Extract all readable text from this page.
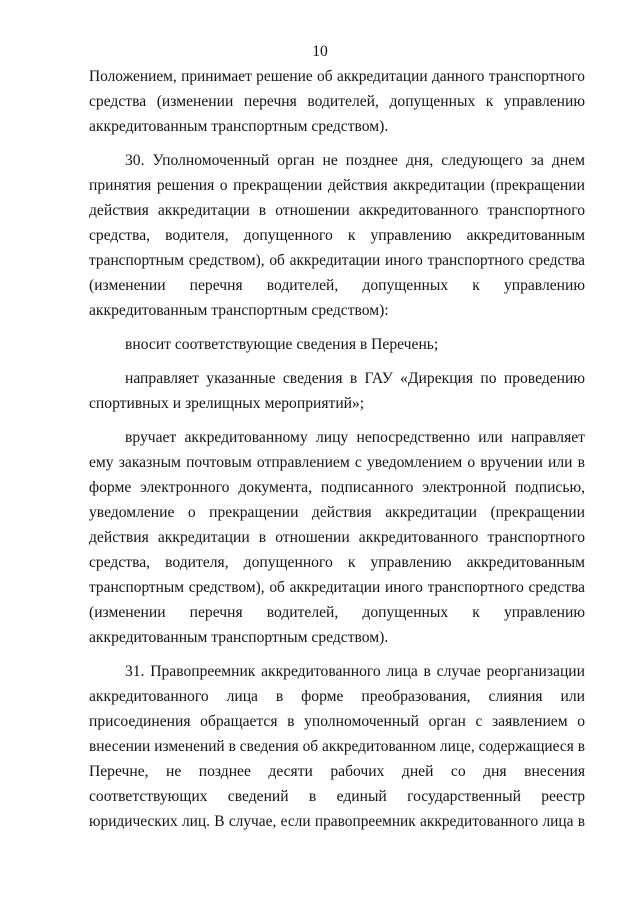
10
Положением, принимает решение об аккредитации данного транспортного
средства (изменении перечня водителей, допущенных к управлению
аккредитованным транспортным средством).
30. Уполномоченный орган не позднее дня, следующего за днем
принятия решения о прекращении действия аккредитации (прекращении
действия аккредитации в отношении аккредитованного транспортного
средства, водителя, допущенного к управлению аккредитованным
транспортным средством), об аккредитации иного транспортного средства
(изменении перечня водителей, допущенных к управлению
аккредитованным транспортным средством):
вносит соответствующие сведения в Перечень;
направляет указанные сведения в ГАУ «Дирекция по проведению
спортивных и зрелищных мероприятий»;
вручает аккредитованному лицу непосредственно или направляет
ему заказным почтовым отправлением с уведомлением о вручении или в
форме электронного документа, подписанного электронной подписью,
уведомление о прекращении действия аккредитации (прекращении
действия аккредитации в отношении аккредитованного транспортного
средства, водителя, допущенного к управлению аккредитованным
транспортным средством), об аккредитации иного транспортного средства
(изменении перечня водителей, допущенных к управлению
аккредитованным транспортным средством).
31. Правопреемник аккредитованного лица в случае реорганизации
аккредитованного лица в форме преобразования, слияния или
присоединения обращается в уполномоченный орган с заявлением о
внесении изменений в сведения об аккредитованном лице, содержащиеся в
Перечне, не позднее десяти рабочих дней со дня внесения
соответствующих сведений в единый государственный реестр
юридических лиц. В случае, если правопреемник аккредитованного лица в
